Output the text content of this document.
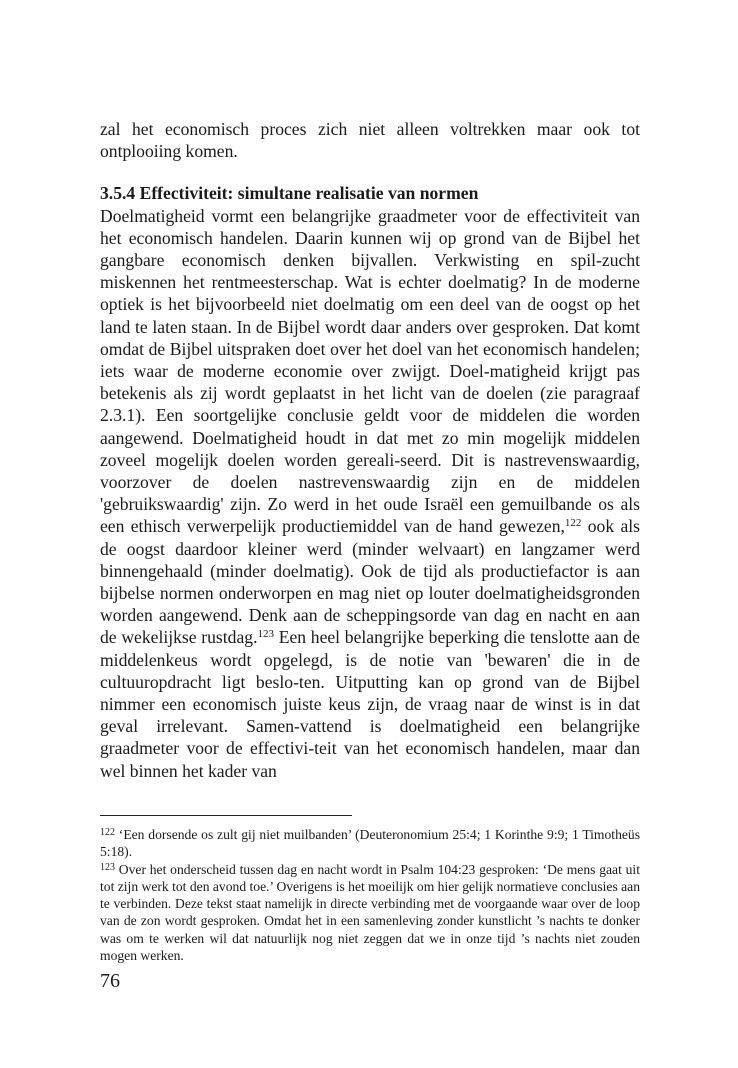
zal het economisch proces zich niet alleen voltrekken maar ook tot ontplooiing komen.

3.5.4 Effectiviteit: simultane realisatie van normen

Doelmatigheid vormt een belangrijke graadmeter voor de effectiviteit van het economisch handelen. Daarin kunnen wij op grond van de Bijbel het gangbare economisch denken bijvallen. Verkwisting en spil-zucht miskennen het rentmeesterschap. Wat is echter doelmatig? In de moderne optiek is het bijvoorbeeld niet doelmatig om een deel van de oogst op het land te laten staan. In de Bijbel wordt daar anders over gesproken. Dat komt omdat de Bijbel uitspraken doet over het doel van het economisch handelen; iets waar de moderne economie over zwijgt. Doel-matigheid krijgt pas betekenis als zij wordt geplaatst in het licht van de doelen (zie paragraaf 2.3.1). Een soortgelijke conclusie geldt voor de middelen die worden aangewend. Doelmatigheid houdt in dat met zo min mogelijk middelen zoveel mogelijk doelen worden gereali-seerd. Dit is nastrevenswaardig, voorzover de doelen nastrevenswaardig zijn en de middelen 'gebruikswaardig' zijn. Zo werd in het oude Israël een gemuilbande os als een ethisch verwerpelijk productiemiddel van de hand gewezen,$^{122}$ ook als de oogst daardoor kleiner werd (minder welvaart) en langzamer werd binnengehaald (minder doelmatig). Ook de tijd als productiefactor is aan bijbelse normen onderworpen en mag niet op louter doelmatigheidsgronden worden aangewend. Denk aan de scheppingsorde van dag en nacht en aan de wekelijkse rustdag.$^{123}$ Een heel belangrijke beperking die tenslotte aan de middelenkeus wordt opgelegd, is de notie van 'bewaren' die in de cultuuropdracht ligt beslo-ten. Uitputting kan op grond van de Bijbel nimmer een economisch juiste keus zijn, de vraag naar de winst is in dat geval irrelevant. Samen-vattend is doelmatigheid een belangrijke graadmeter voor de effectivi-teit van het economisch handelen, maar dan wel binnen het kader van

$^{122}$ ‘Een dorsende os zult gij niet muilbanden’ (Deuteronomium 25:4; 1 Korinthe 9:9; 1 Timotheüs 5:18).

$^{123}$ Over het onderscheid tussen dag en nacht wordt in Psalm 104:23 gesproken: ‘De mens gaat uit tot zijn werk tot den avond toe.’ Overigens is het moeilijk om hier gelijk normatieve conclusies aan te verbinden. Deze tekst staat namelijk in directe verbinding met de voorgaande waar over de loop van de zon wordt gesproken. Omdat het in een samenleving zonder kunstlicht ’s nachts te donker was om te werken wil dat natuurlijk nog niet zeggen dat we in onze tijd ’s nachts niet zouden mogen werken.

76
